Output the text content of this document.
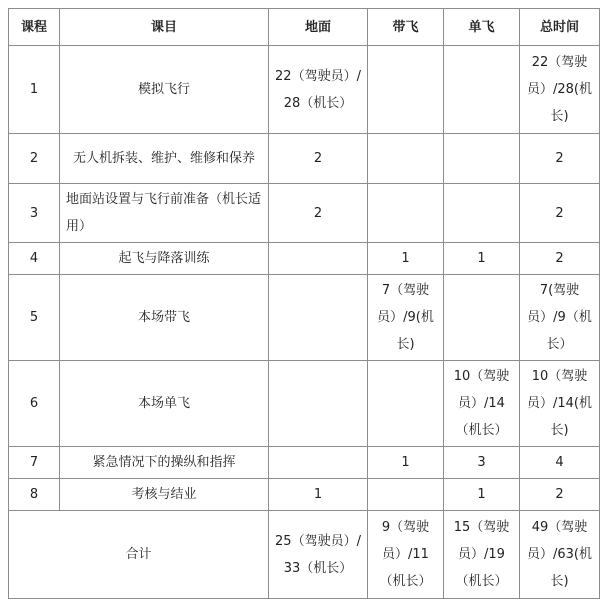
课程	课目	地面	带飞	单飞	总时间
1	模拟飞行	22（驾驶员）/28（机长）			22（驾驶员）/28(机长)
2	无人机拆装、维护、维修和保养	2			2
3	地面站设置与飞行前准备（机长适用）	2			2
4	起飞与降落训练		1	1	2
5	本场带飞		7（驾驶员）/9(机长)		7(驾驶员）/9（机长）
6	本场单飞			10（驾驶员）/14（机长）	10（驾驶员）/14(机长)
7	紧急情况下的操纵和指挥		1	3	4
8	考核与结业	1		1	2
合计		25（驾驶员）/33（机长）	9（驾驶员）/11（机长）	15（驾驶员）/19（机长）	49（驾驶员）/63(机长)
